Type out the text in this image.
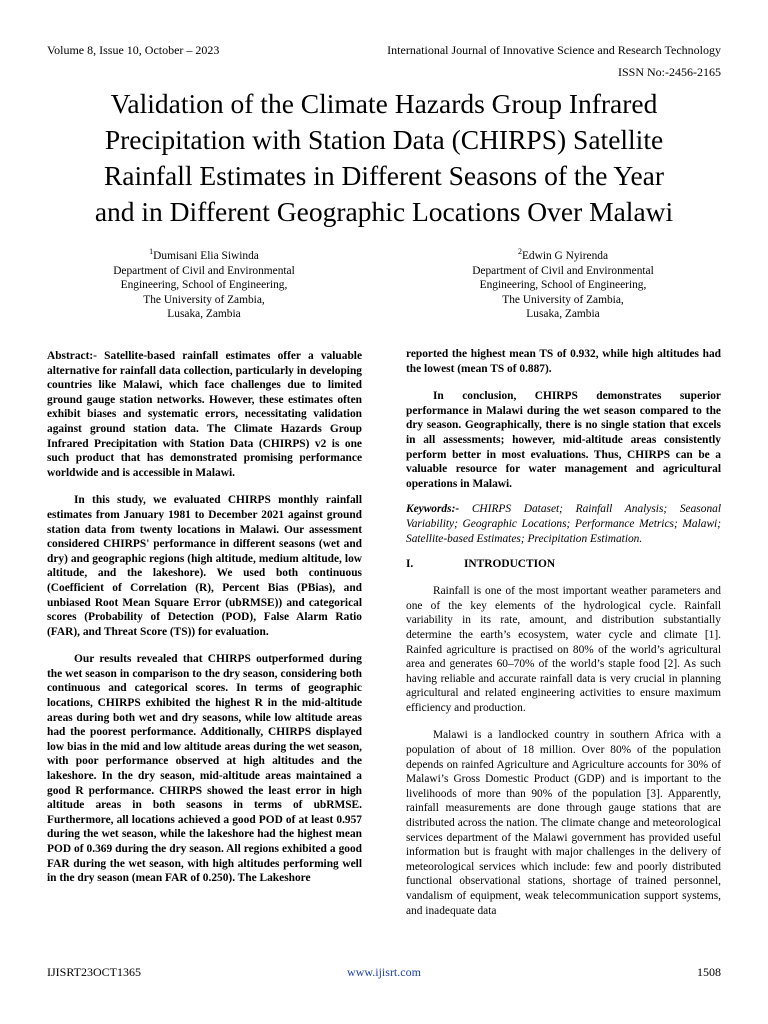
Volume 8, Issue 10, October – 2023	International Journal of Innovative Science and Research Technology
ISSN No:-2456-2165
Validation of the Climate Hazards Group Infrared
Precipitation with Station Data (CHIRPS) Satellite
Rainfall Estimates in Different Seasons of the Year
and in Different Geographic Locations Over Malawi
$^1$Dumisani Elia Siwinda
Department of Civil and Environmental
Engineering, School of Engineering,
The University of Zambia,
Lusaka, Zambia
$^2$Edwin G Nyirenda
Department of Civil and Environmental
Engineering, School of Engineering,
The University of Zambia,
Lusaka, Zambia

Abstract:- Satellite-based rainfall estimates offer a valuable alternative for rainfall data collection, particularly in developing countries like Malawi, which face challenges due to limited ground gauge station networks. However, these estimates often exhibit biases and systematic errors, necessitating validation against ground station data. The Climate Hazards Group Infrared Precipitation with Station Data (CHIRPS) v2 is one such product that has demonstrated promising performance worldwide and is accessible in Malawi.

In this study, we evaluated CHIRPS monthly rainfall estimates from January 1981 to December 2021 against ground station data from twenty locations in Malawi. Our assessment considered CHIRPS' performance in different seasons (wet and dry) and geographic regions (high altitude, medium altitude, low altitude, and the lakeshore). We used both continuous (Coefficient of Correlation (R), Percent Bias (PBias), and unbiased Root Mean Square Error (ubRMSE)) and categorical scores (Probability of Detection (POD), False Alarm Ratio (FAR), and Threat Score (TS)) for evaluation.

Our results revealed that CHIRPS outperformed during the wet season in comparison to the dry season, considering both continuous and categorical scores. In terms of geographic locations, CHIRPS exhibited the highest R in the mid-altitude areas during both wet and dry seasons, while low altitude areas had the poorest performance. Additionally, CHIRPS displayed low bias in the mid and low altitude areas during the wet season, with poor performance observed at high altitudes and the lakeshore. In the dry season, mid-altitude areas maintained a good R performance. CHIRPS showed the least error in high altitude areas in both seasons in terms of ubRMSE. Furthermore, all locations achieved a good POD of at least 0.957 during the wet season, while the lakeshore had the highest mean POD of 0.369 during the dry season. All regions exhibited a good FAR during the wet season, with high altitudes performing well in the dry season (mean FAR of 0.250). The Lakeshore

reported the highest mean TS of 0.932, while high altitudes had the lowest (mean TS of 0.887).

In conclusion, CHIRPS demonstrates superior performance in Malawi during the wet season compared to the dry season. Geographically, there is no single station that excels in all assessments; however, mid-altitude areas consistently perform better in most evaluations. Thus, CHIRPS can be a valuable resource for water management and agricultural operations in Malawi.

Keywords:- CHIRPS Dataset; Rainfall Analysis; Seasonal Variability; Geographic Locations; Performance Metrics; Malawi; Satellite-based Estimates; Precipitation Estimation.

I.	INTRODUCTION

Rainfall is one of the most important weather parameters and one of the key elements of the hydrological cycle. Rainfall variability in its rate, amount, and distribution substantially determine the earth’s ecosystem, water cycle and climate [1]. Rainfed agriculture is practised on 80% of the world’s agricultural area and generates 60–70% of the world’s staple food [2]. As such having reliable and accurate rainfall data is very crucial in planning agricultural and related engineering activities to ensure maximum efficiency and production.

Malawi is a landlocked country in southern Africa with a population of about of 18 million. Over 80% of the population depends on rainfed Agriculture and Agriculture accounts for 30% of Malawi’s Gross Domestic Product (GDP) and is important to the livelihoods of more than 90% of the population [3]. Apparently, rainfall measurements are done through gauge stations that are distributed across the nation. The climate change and meteorological services department of the Malawi government has provided useful information but is fraught with major challenges in the delivery of meteorological services which include: few and poorly distributed functional observational stations, shortage of trained personnel, vandalism of equipment, weak telecommunication support systems, and inadequate data

IJISRT23OCT1365	www.ijisrt.com	1508
